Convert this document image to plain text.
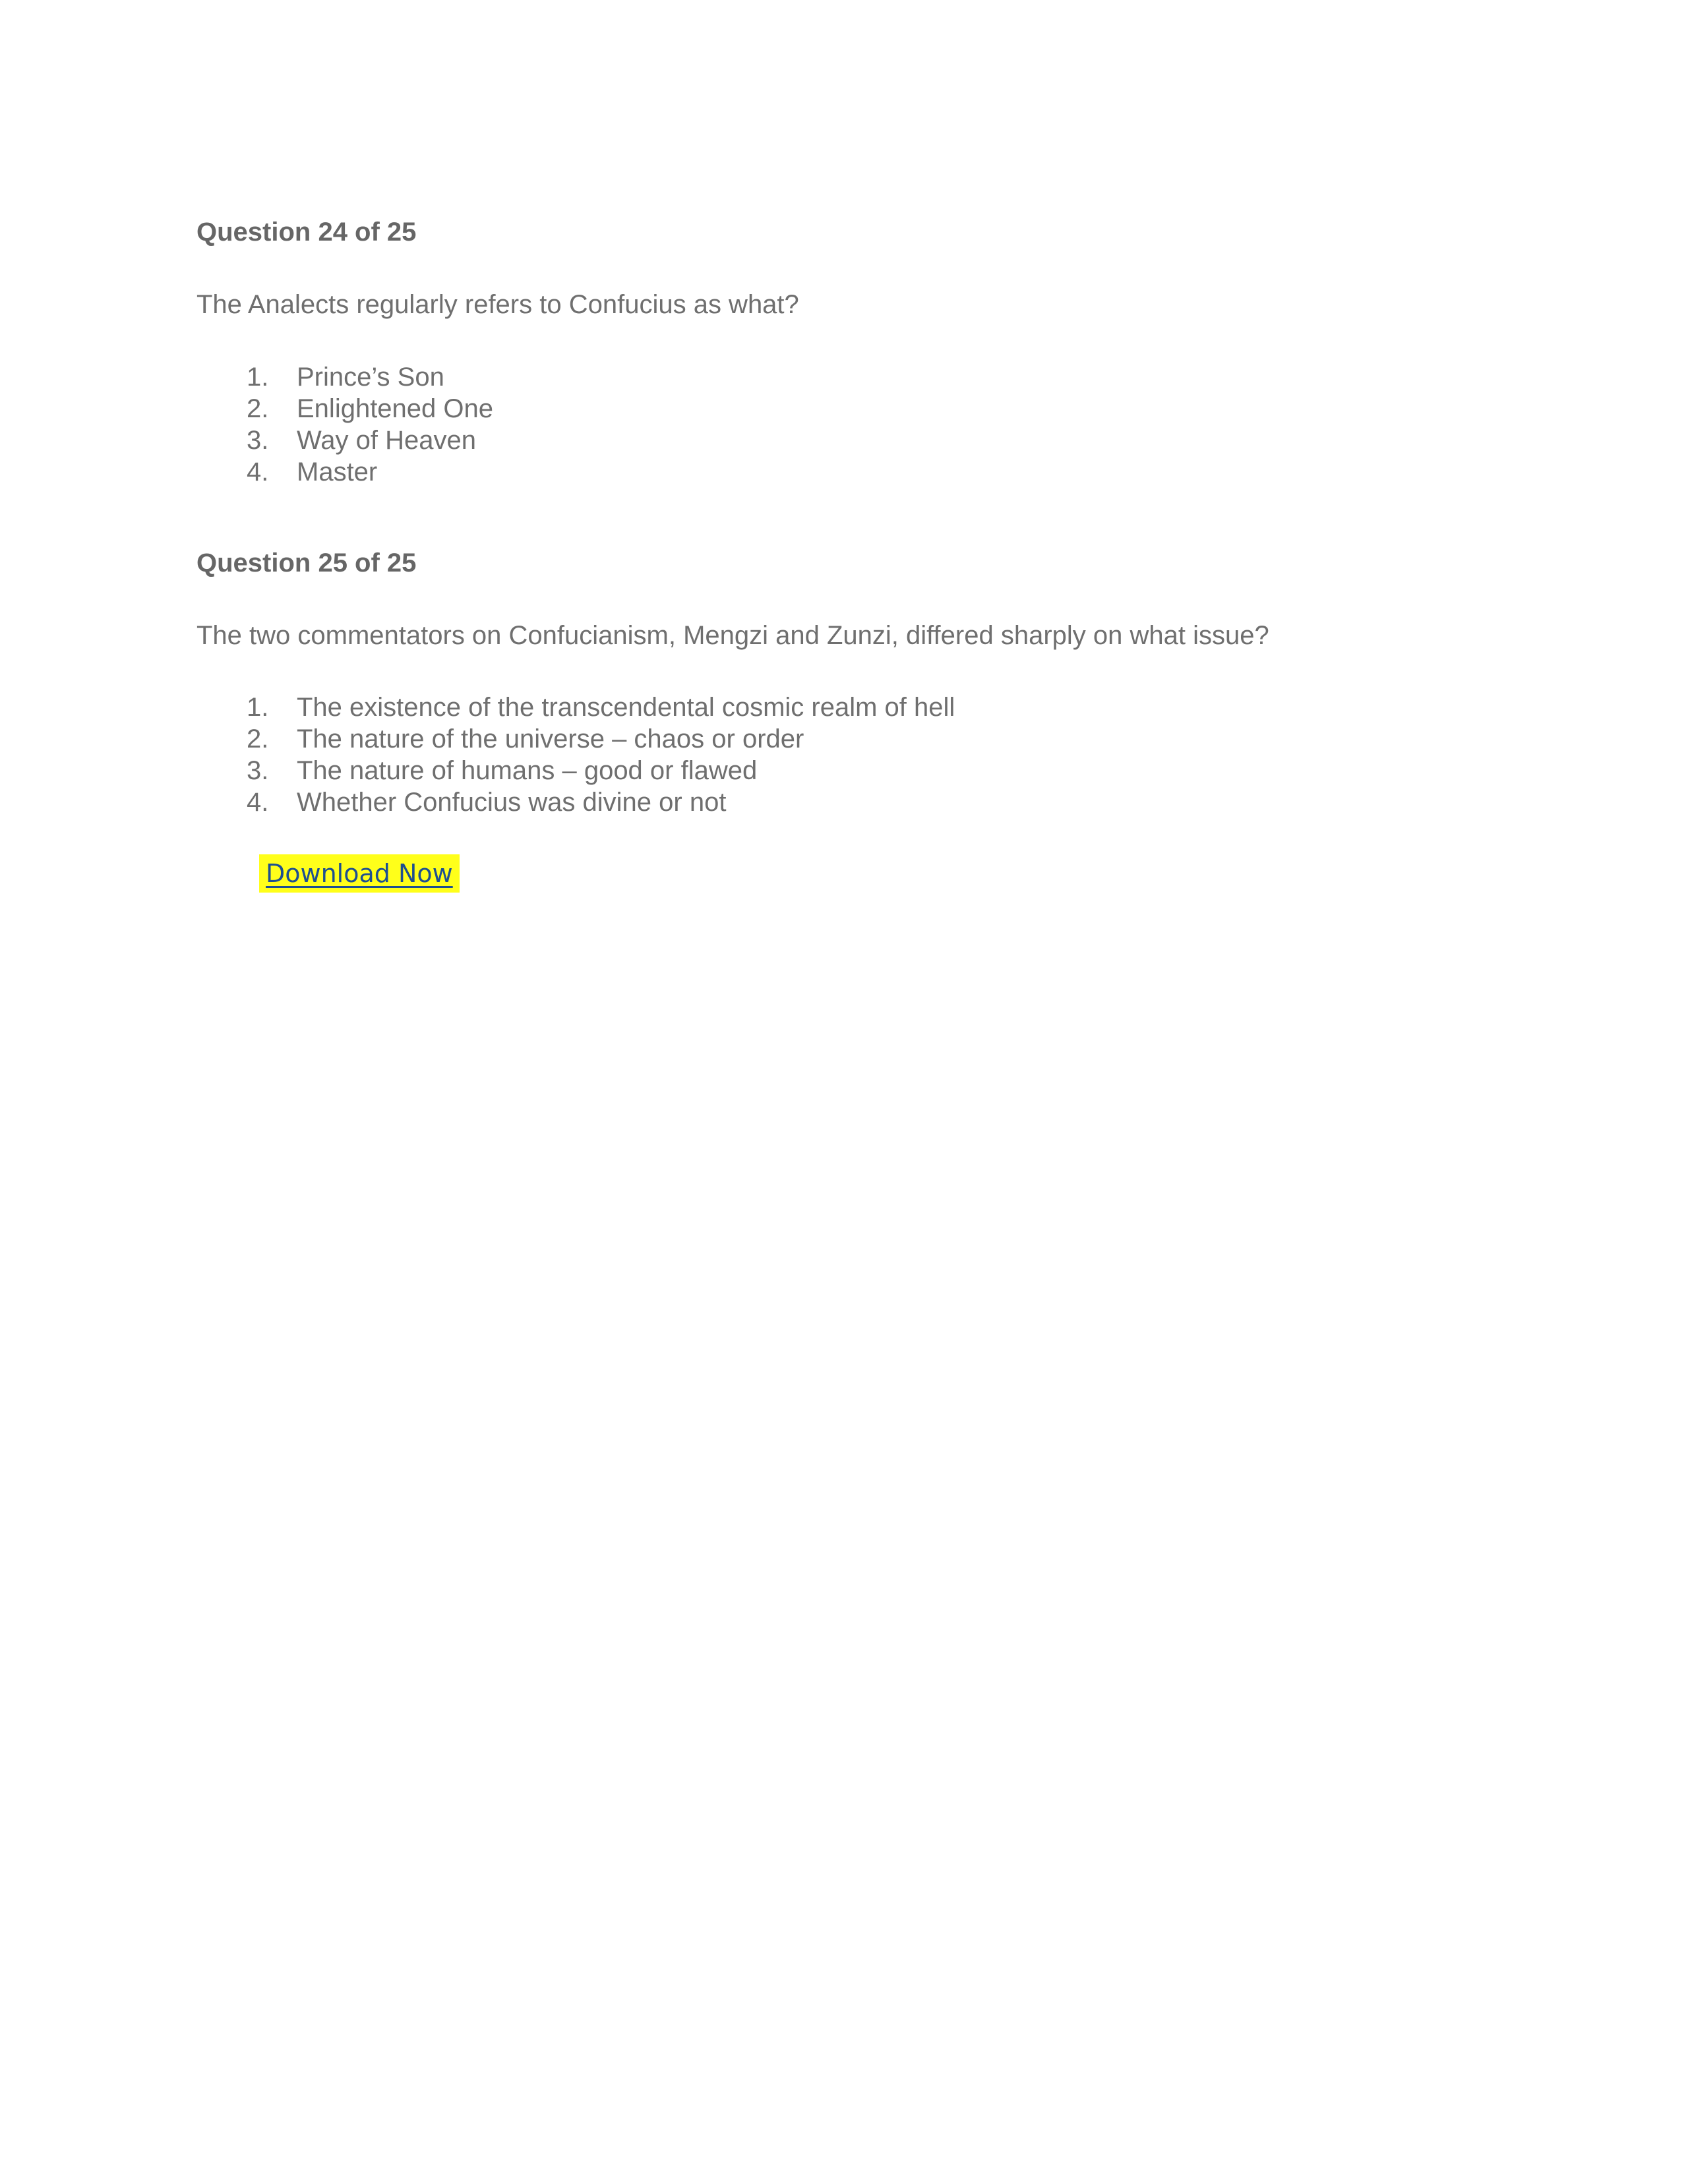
Question 24 of 25

The Analects regularly refers to Confucius as what?

1. Prince’s Son
2. Enlightened One
3. Way of Heaven
4. Master
Question 25 of 25

The two commentators on Confucianism, Mengzi and Zunzi, differed sharply on what issue?

1. The existence of the transcendental cosmic realm of hell
2. The nature of the universe – chaos or order
3. The nature of humans – good or flawed
4. Whether Confucius was divine or not
Download Now
